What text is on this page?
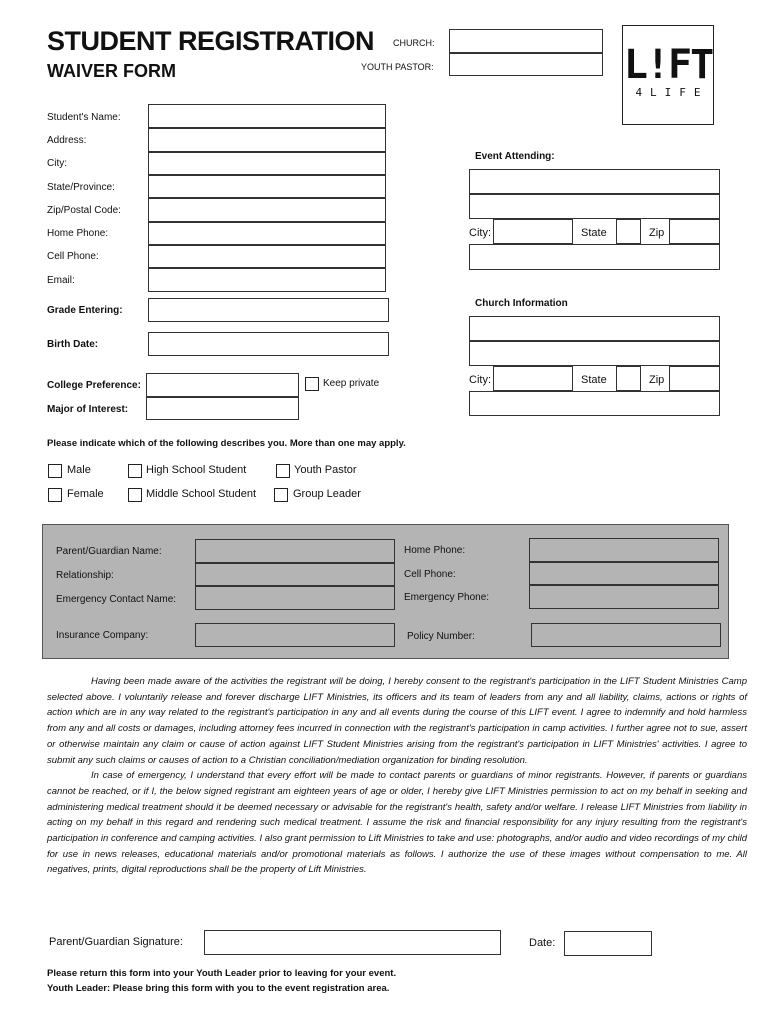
STUDENT REGISTRATION
WAIVER FORM
CHURCH:
YOUTH PASTOR:	L!FT
4LIFE
Student's Name:
Address:
City:
State/Province:
Zip/Postal Code:
Home Phone:
Cell Phone:
Email:
Grade Entering:
Birth Date:
College Preference:
Major of Interest:
Keep private
Event Attending:
City:	State	Zip
Church Information
City:	State	Zip
Please indicate which of the following describes you. More than one may apply.
Male
Female
High School Student
Middle School Student
Youth Pastor
Group Leader
Parent/Guardian Name:
Relationship:
Emergency Contact Name:
Insurance Company:
Home Phone:
Cell Phone:
Emergency Phone:
Policy Number:

Having been made aware of the activities the registrant will be doing, I hereby consent to the registrant's participation in the LIFT Student Ministries Camp selected above. I voluntarily release and forever discharge LIFT Ministries, its officers and its team of leaders from any and all liability, claims, actions or rights of action which are in any way related to the registrant's participation in any and all events during the course of this LIFT event. I agree to indemnify and hold harmless from any and all costs or damages, including attorney fees incurred in connection with the registrant's participation in camp activities. I further agree not to sue, assert or otherwise maintain any claim or cause of action against LIFT Student Ministries arising from the registrant's participation in LIFT Ministries' activities. I agree to submit any such claims or causes of action to a Christian conciliation/mediation organization for binding resolution.

In case of emergency, I understand that every effort will be made to contact parents or guardians of minor registrants. However, if parents or guardians cannot be reached, or if I, the below signed registrant am eighteen years of age or older, I hereby give LIFT Ministries permission to act on my behalf in seeking and administering medical treatment should it be deemed necessary or advisable for the registrant's health, safety and/or welfare. I release LIFT Ministries from liability in acting on my behalf in this regard and rendering such medical treatment. I assume the risk and financial responsibility for any injury resulting from the registrant's participation in conference and camping activities. I also grant permission to Lift Ministries to take and use: photographs, and/or audio and video recordings of my child for use in news releases, educational materials and/or promotional materials as follows. I authorize the use of these images without compensation to me. All negatives, prints, digital reproductions shall be the property of Lift Ministries.

Parent/Guardian Signature:	Date:
Please return this form into your Youth Leader prior to leaving for your event.
Youth Leader: Please bring this form with you to the event registration area.
